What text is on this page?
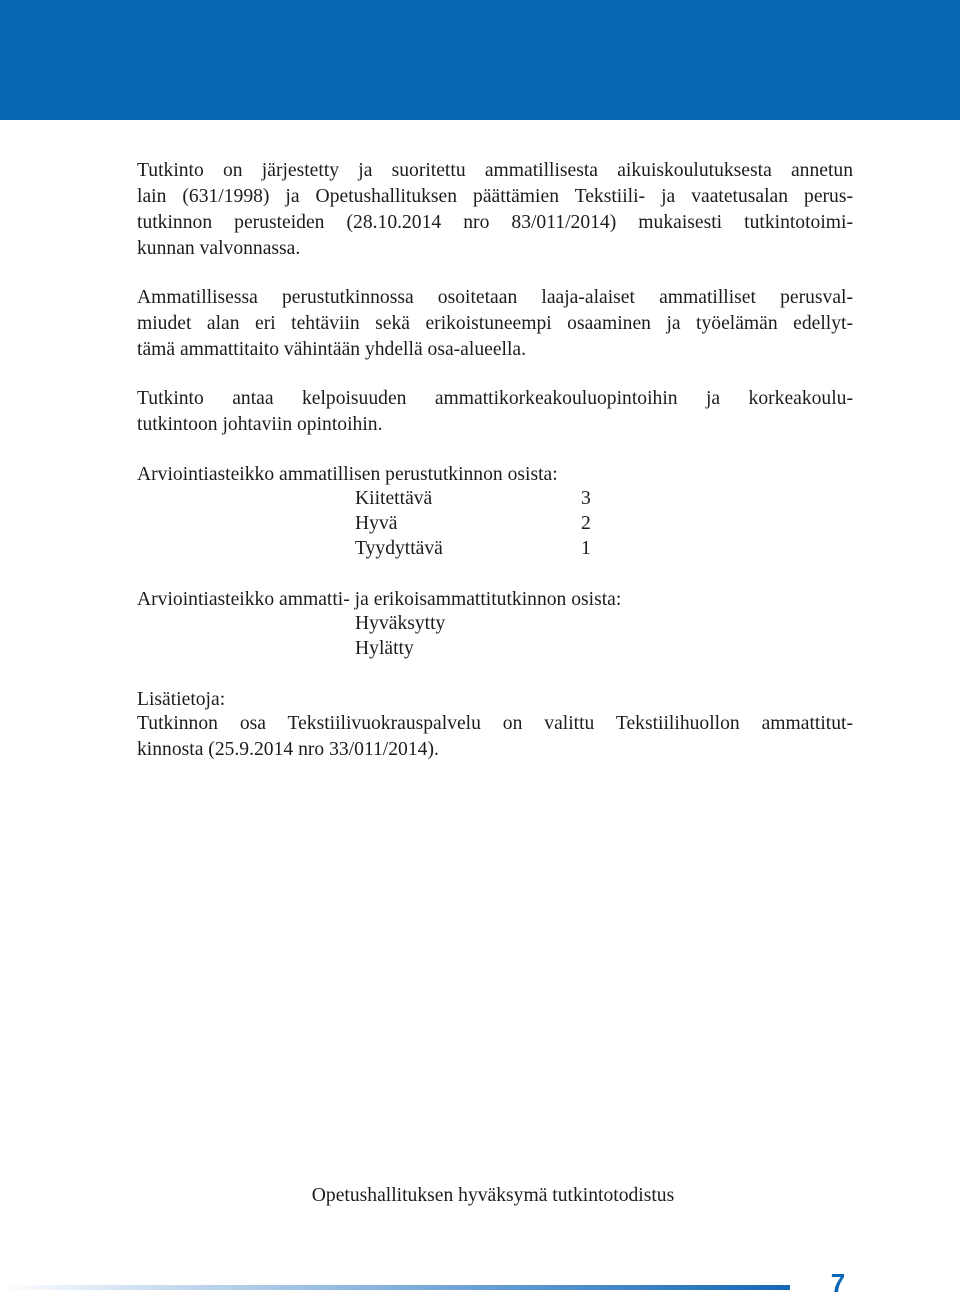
Tutkinto on järjestetty ja suoritettu ammatillisesta aikuiskoulutuksesta annetun
lain (631/1998) ja Opetushallituksen päättämien Tekstiili- ja vaatetusalan perus-
tutkinnon perusteiden (28.10.2014 nro 83/011/2014) mukaisesti tutkintotoimi-
kunnan valvonnassa.
Ammatillisessa perustutkinnossa osoitetaan laaja-alaiset ammatilliset perusval-
miudet alan eri tehtäviin sekä erikoistuneempi osaaminen ja työelämän edellyt-
tämä ammattitaito vähintään yhdellä osa-alueella.
Tutkinto antaa kelpoisuuden ammattikorkeakouluopintoihin ja korkeakoulu-
tutkintoon johtaviin opintoihin.

Arviointiasteikko ammatillisen perustutkinnon osista:

Kiitettävä	3
Hyvä	2
Tyydyttävä	1

Arviointiasteikko ammatti- ja erikoisammattitutkinnon osista:

Hyväksytty
Hylätty

Lisätietoja:

Tutkinnon osa Tekstiilivuokrauspalvelu on valittu Tekstiilihuollon ammattitut-
kinnosta (25.9.2014 nro 33/011/2014).
Opetushallituksen hyväksymä tutkintotodistus
7
